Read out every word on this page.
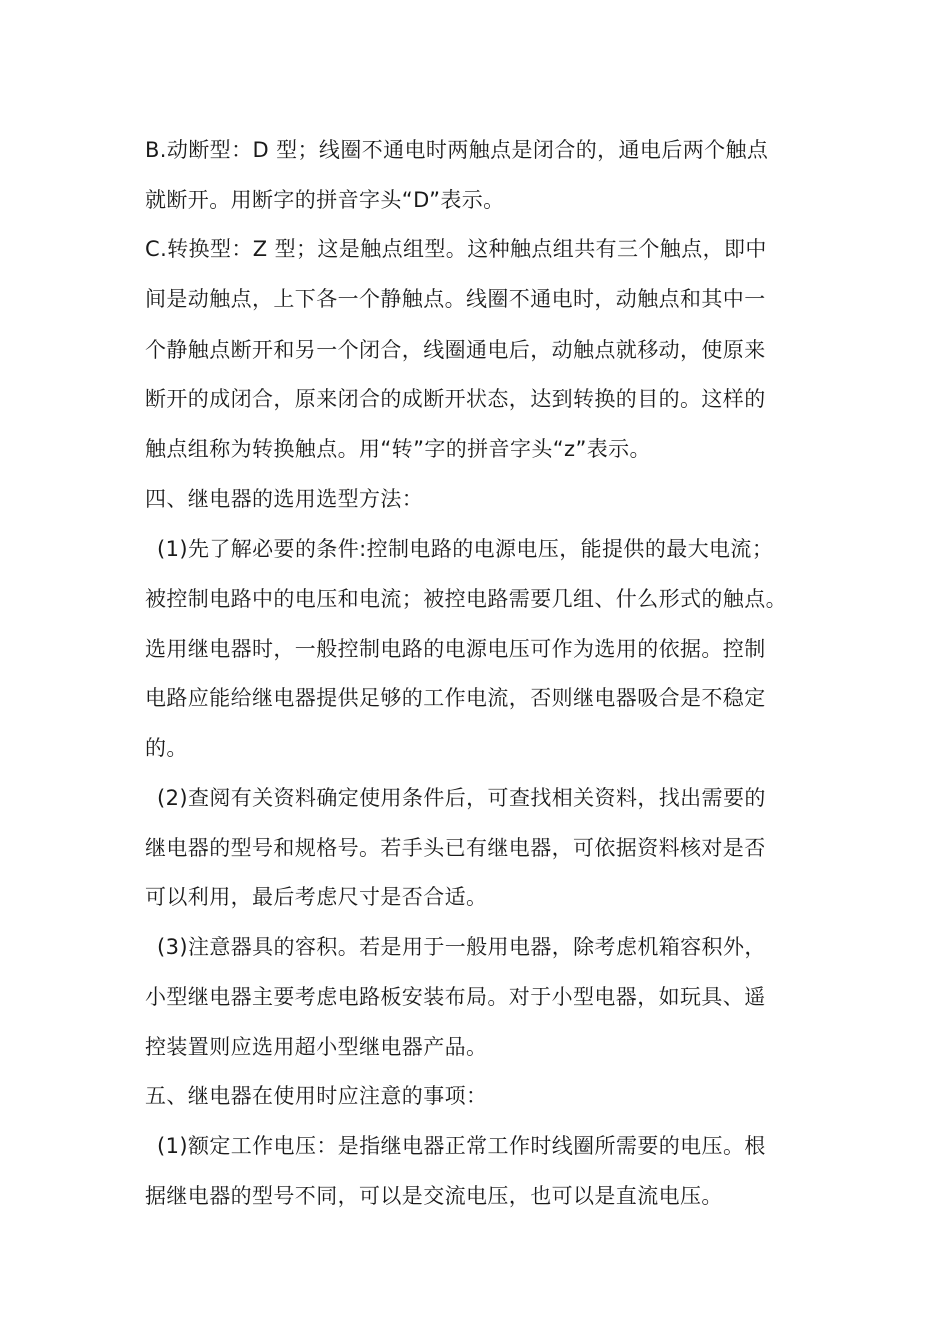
B.动断型：D 型；线圈不通电时两触点是闭合的，通电后两个触点
就断开。用断字的拼音字头“D”表示。
C.转换型：Z 型；这是触点组型。这种触点组共有三个触点，即中
间是动触点，上下各一个静触点。线圈不通电时，动触点和其中一
个静触点断开和另一个闭合，线圈通电后，动触点就移动，使原来
断开的成闭合，原来闭合的成断开状态，达到转换的目的。这样的
触点组称为转换触点。用“转”字的拼音字头“z”表示。
四、继电器的选用选型方法：
(1)先了解必要的条件:控制电路的电源电压，能提供的最大电流；
被控制电路中的电压和电流；被控电路需要几组、什么形式的触点。
选用继电器时，一般控制电路的电源电压可作为选用的依据。控制
电路应能给继电器提供足够的工作电流，否则继电器吸合是不稳定
的。
(2)查阅有关资料确定使用条件后，可查找相关资料，找出需要的
继电器的型号和规格号。若手头已有继电器，可依据资料核对是否
可以利用，最后考虑尺寸是否合适。
(3)注意器具的容积。若是用于一般用电器，除考虑机箱容积外，
小型继电器主要考虑电路板安装布局。对于小型电器，如玩具、遥
控装置则应选用超小型继电器产品。
五、继电器在使用时应注意的事项：
(1)额定工作电压：是指继电器正常工作时线圈所需要的电压。根
据继电器的型号不同，可以是交流电压，也可以是直流电压。
